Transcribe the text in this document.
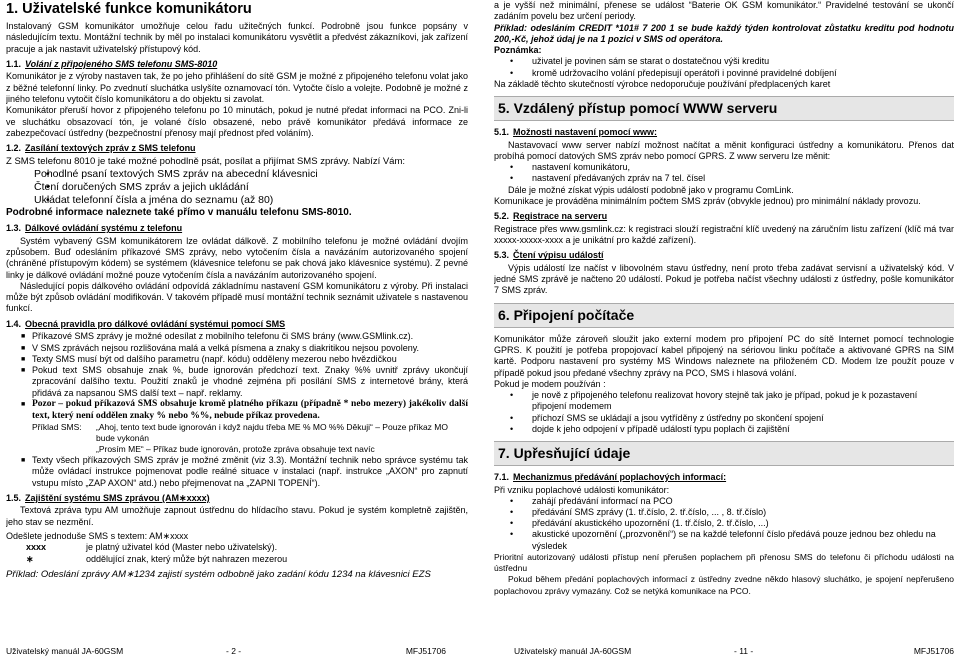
1. Uživatelské funkce komunikátoru

Instalovaný GSM komunikátor umožňuje celou řadu užitečných funkcí. Podrobně jsou funkce popsány v následujícím textu. Montážní technik by měl po instalaci komunikátoru vysvětlit a předvést zákazníkovi, jak zařízení pracuje a jak nastavit uživatelský přístupový kód.

1.1. Volání z připojeného SMS telefonu SMS-8010

Komunikátor je z výroby nastaven tak, že po jeho přihlášení do sítě GSM je možné z připojeného telefonu volat jako z běžné telefonní linky. Po zvednutí sluchátka uslyšíte oznamovací tón. Vytočte číslo a volejte. Podobně je možné z jiného telefonu vytočit číslo komunikátoru a do objektu si zavolat.

Komunikátor přeruší hovor z připojeného telefonu po 10 minutách, pokud je nutné předat informaci na PCO. Zni-li ve sluchátku obsazovací tón, je volané číslo obsazené, nebo právě komunikátor předává informace ze zabezpečovací ústředny (bezpečnostní přenosy mají přednost před voláním).

1.2. Zasílání textových zpráv z SMS telefonu

Z SMS telefonu 8010 je také možné pohodlně psát, posílat a přijímat SMS zprávy. Nabízí Vám:

• Pohodlné psaní textových SMS zpráv na abecední klávesnici
• Čtení doručených SMS zpráv a jejich ukládání
• Ukládat telefonní čísla a jména do seznamu (až 80)

Podrobné informace naleznete také přímo v manuálu telefonu SMS-8010.

1.3. Dálkové ovládání systému z telefonu

Systém vybavený GSM komunikátorem lze ovládat dálkově. Z mobilního telefonu je možné ovládání dvojím způsobem. Buď odesláním příkazové SMS zprávy, nebo vytočením čísla a navázáním autorizovaného spojení (chráněné přístupovým kódem) se systémem (klávesnice telefonu se pak chová jako klávesnice systému). Z pevné linky je dálkové ovládání možné pouze vytočením čísla a navázáním autorizovaného spojení.

Následující popis dálkového ovládání odpovídá základnímu nastavení GSM komunikátoru z výroby. Při instalaci může být způsob ovládání modifikován. V takovém případě musí montážní technik seznámit uživatele s nastavenou funkcí.

1.4. Obecná pravidla pro dálkové ovládání systémui pomocí SMS

■ Příkazové SMS zprávy je možné odesílat z mobilního telefonu či SMS brány (www.GSMlink.cz).
■ V SMS zprávách nejsou rozlišována malá a velká písmena a znaky s diakritikou nejsou povoleny.
■ Texty SMS musí být od dalšího parametru (např. kódu) odděleny mezerou nebo hvězdičkou
■ Pokud text SMS obsahuje znak %, bude ignorován předchozí text. Znaky %% uvnitř zprávy ukončují zpracování dalšího textu. Použití znaků je vhodné zejména při posílání SMS z internetové brány, která přidává za napsanou SMS další text – např. reklamy.
■ Pozor – pokud příkazová SMS obsahuje kromě platného příkazu (případně * nebo mezery) jakékoliv další text, který není oddělen znaky % nebo %%, nebude příkaz provedena.
Příklad SMS:	„Ahoj, tento text bude ignorován i když najdu třeba ME % MO %% Děkuji“ – Pouze příkaz MO bude vykonán

„Prosím ME“ – Příkaz bude ignorován, protože zpráva obsahuje text navíc

■ Texty všech příkazových SMS zpráv je možné změnit (viz 3.3). Montážní technik nebo správce systému tak může ovládací instrukce pojmenovat podle reálné situace v instalaci (např. instrukce „AXON“ pro zapnutí vstupu místo „ZAP AXON“ atd.) nebo přejmenovat na „ZAPNI TOPENÍ“).

1.5. Zajištění systému SMS zprávou (AM∗xxxx)

Textová zpráva typu AM umožňuje zapnout ústřednu do hlídacího stavu. Pokud je systém kompletně zajištěn, jeho stav se nezmění.

Odešlete jednoduše SMS s textem: AM∗xxxx

xxxx	je platný uživatel kód (Master nebo uživatelský).
∗	oddělující znak, který může být nahrazen mezerou

Příklad: Odeslání zprávy AM∗1234 zajistí systém odbobně jako zadání kódu 1234 na klávesnici EZS

a je vyšší než minimální, přenese se událost “Baterie OK GSM komunikátor.“ Pravidelné testování se ukončí zadáním povelu bez určení periody.

Příklad: odesláním CREDIT *101# 7 200 1 se bude každý týden kontrolovat zůstatku kreditu pod hodnotu 200,-Kč, jehož údaj je na 1 pozici v SMS od operátora.

Poznámka:

• uživatel je povinen sám se starat o dostatečnou výši kreditu
• kromě udržovacího volání předepisují operátoři i povinné pravidelné dobíjení

Na základě těchto skutečností výrobce nedoporučuje používání předplacených karet

5. Vzdálený přístup pomocí WWW serveru

5.1. Možnosti nastavení pomocí www:

Nastavovací www server nabízí možnost načítat a měnit konfiguraci ústředny a komunikátoru. Přenos dat probíhá pomocí datových SMS zpráv nebo pomocí GPRS. Z www serveru lze měnit:

• nastavení komunikátoru,
• nastavení předávaných zpráv na 7 tel. čísel

Dále je možné získat výpis událostí podobně jako v programu ComLink.

Komunikace je prováděna minimálním počtem SMS zpráv (obvykle jednou) pro minimální náklady provozu.

5.2. Registrace na serveru

Registrace přes www.gsmlink.cz: k registraci slouží registrační klíč uvedený na záručním listu zařízení (klíč má tvar xxxxx-xxxxx-xxxx a je unikátní pro každé zařízení).

5.3. Čtení výpisu událostí

Výpis událostí lze načíst v libovolném stavu ústředny, není proto třeba zadávat servisní a uživatelský kód. V jedné SMS zprávě je načteno 20 událostí. Pokud je potřeba načíst všechny události z ústředny, pošle komunikátor 7 SMS zpráv.

6. Připojení počítače

Komunikátor může zároveň sloužit jako externí modem pro připojení PC do sítě Internet pomocí technologie GPRS. K použití je potřeba propojovací kabel připojený na sériovou linku počítače a aktivované GPRS na SIM kartě. Podporu nastavení pro systémy MS Windows naleznete na přiloženém CD. Modem lze použít pouze v případě pokud jsou předané všechny zprávy na PCO, SMS i hlasová volání.

Pokud je modem používán :

• je nově z připojeného telefonu realizovat hovory stejně tak jako je případ, pokud je k pozastavení připojení modemem
• příchozí SMS se ukládají a jsou vytříděny z ústředny po skončení spojení
• dojde k jeho odpojení v případě událostí typu poplach či zajištění

7. Upřesňující údaje

7.1. Mechanizmus předávání poplachových informací:

Při vzniku poplachové události komunikátor:

• zahájí předávání informací na PCO
• předávání SMS zprávy (1. tř.číslo, 2. tř.číslo, ... , 8. tř.číslo)
• předávání akustického upozornění (1. tř.číslo, 2. tř.číslo, ...)
• akustické upozornění („prozvonění“) se na každé telefonní číslo předává pouze jednou bez ohledu na výsledek

Prioritní autorizovaný události přístup není přerušen poplachem při přenosu SMS do telefonu či příchodu události na ústřednu

Pokud během předání poplachových informací z ústředny zvedne někdo hlasový sluchátko, je spojení nepřerušeno poplachovou zprávy vymazány. Což se netýká komunikace na PCO.

Uživatelský manuál JA-60GSM	- 2 -	MFJ51706	Uživatelský manuál JA-60GSM	- 11 -	MFJ51706
